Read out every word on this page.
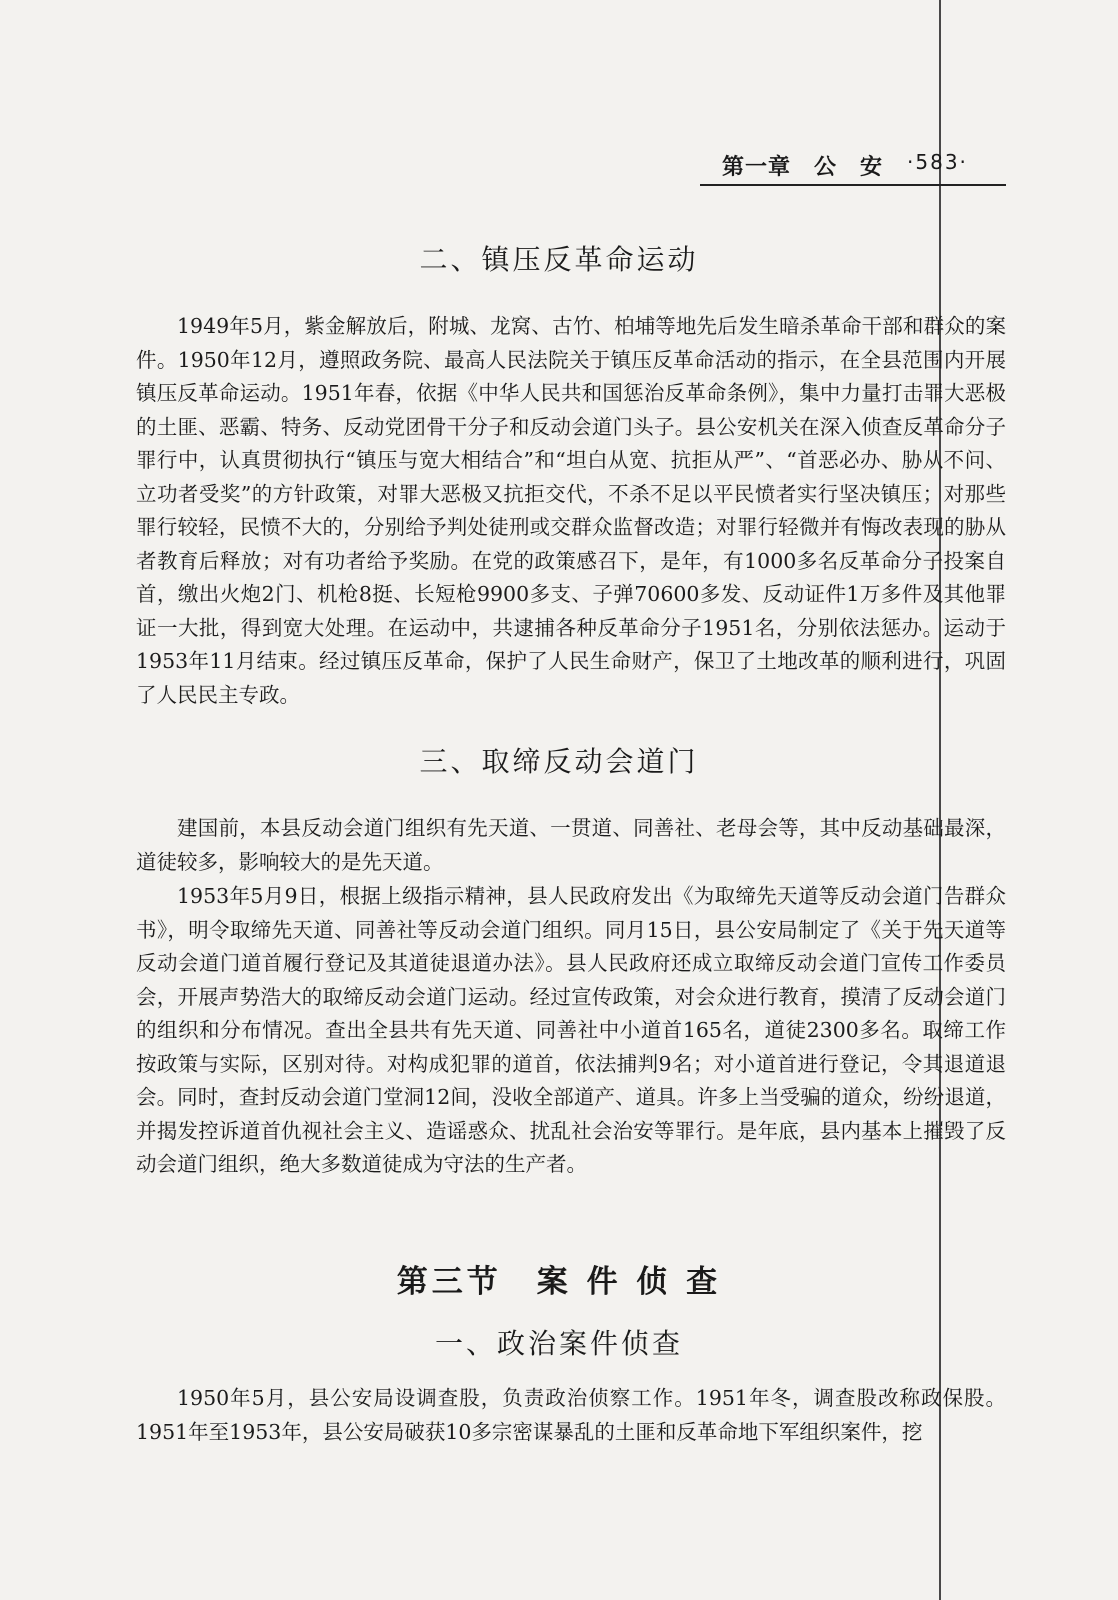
第一章　公　安 ·583·
二、镇压反革命运动

1949年5月，紫金解放后，附城、龙窝、古竹、柏埔等地先后发生暗杀革命干部和群众的案件。1950年12月，遵照政务院、最高人民法院关于镇压反革命活动的指示，在全县范围内开展镇压反革命运动。1951年春，依据《中华人民共和国惩治反革命条例》，集中力量打击罪大恶极的土匪、恶霸、特务、反动党团骨干分子和反动会道门头子。县公安机关在深入侦查反革命分子罪行中，认真贯彻执行“镇压与宽大相结合”和“坦白从宽、抗拒从严”、“首恶必办、胁从不问、立功者受奖”的方针政策，对罪大恶极又抗拒交代，不杀不足以平民愤者实行坚决镇压；对那些罪行较轻，民愤不大的，分别给予判处徒刑或交群众监督改造；对罪行轻微并有悔改表现的胁从者教育后释放；对有功者给予奖励。在党的政策感召下，是年，有1000多名反革命分子投案自首，缴出火炮2门、机枪8挺、长短枪9900多支、子弹70600多发、反动证件1万多件及其他罪证一大批，得到宽大处理。在运动中，共逮捕各种反革命分子1951名，分别依法惩办。运动于1953年11月结束。经过镇压反革命，保护了人民生命财产，保卫了土地改革的顺利进行，巩固了人民民主专政。

三、取缔反动会道门

建国前，本县反动会道门组织有先天道、一贯道、同善社、老母会等，其中反动基础最深，道徒较多，影响较大的是先天道。

1953年5月9日，根据上级指示精神，县人民政府发出《为取缔先天道等反动会道门告群众书》，明令取缔先天道、同善社等反动会道门组织。同月15日，县公安局制定了《关于先天道等反动会道门道首履行登记及其道徒退道办法》。县人民政府还成立取缔反动会道门宣传工作委员会，开展声势浩大的取缔反动会道门运动。经过宣传政策，对会众进行教育，摸清了反动会道门的组织和分布情况。查出全县共有先天道、同善社中小道首165名，道徒2300多名。取缔工作按政策与实际，区别对待。对构成犯罪的道首，依法捕判9名；对小道首进行登记，令其退道退会。同时，查封反动会道门堂洞12间，没收全部道产、道具。许多上当受骗的道众，纷纷退道，并揭发控诉道首仇视社会主义、造谣惑众、扰乱社会治安等罪行。是年底，县内基本上摧毁了反动会道门组织，绝大多数道徒成为守法的生产者。

第三节　案 件 侦 查
一、政治案件侦查

1950年5月，县公安局设调查股，负责政治侦察工作。1951年冬，调查股改称政保股。1951年至1953年，县公安局破获10多宗密谋暴乱的土匪和反革命地下军组织案件，挖
